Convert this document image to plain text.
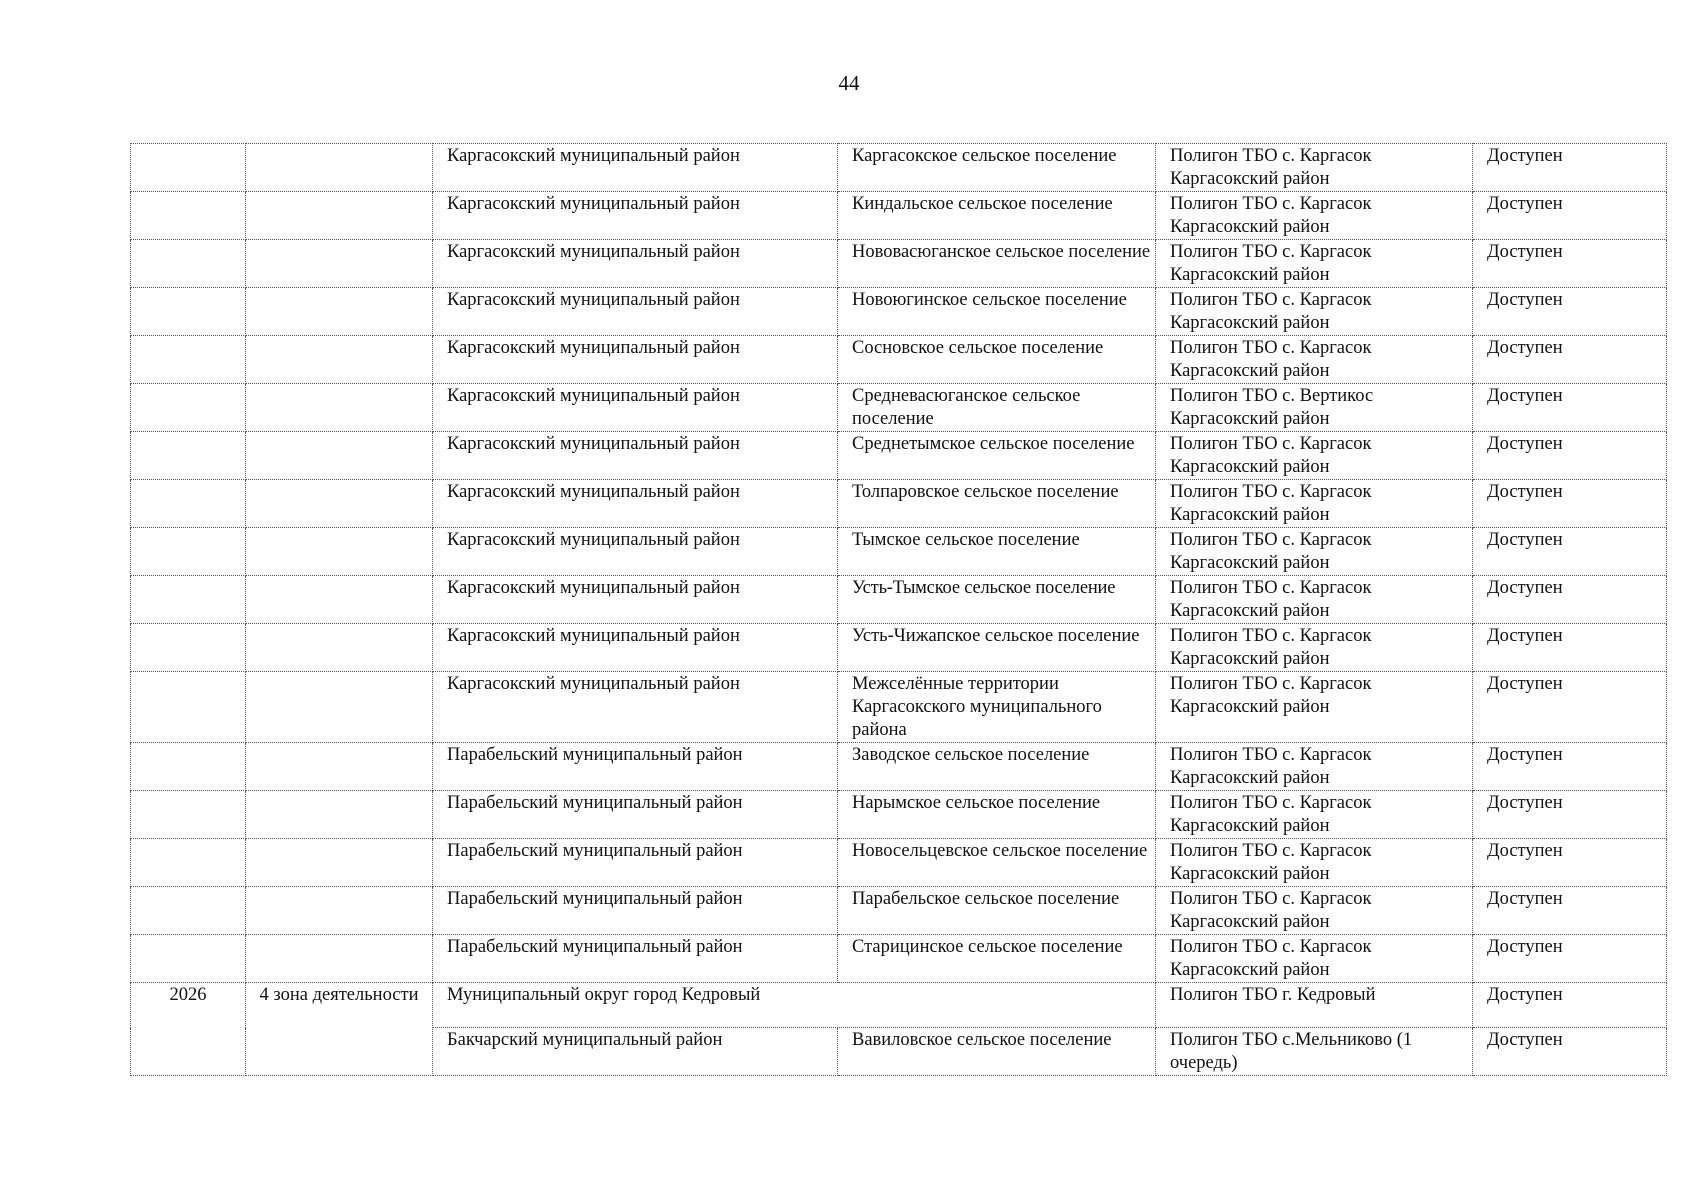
44
		Каргасокский муниципальный район	Каргасокское сельское поселение	Полигон ТБО с. Каргасок Каргасокский район	Доступен
		Каргасокский муниципальный район	Киндальское сельское поселение	Полигон ТБО с. Каргасок Каргасокский район	Доступен
		Каргасокский муниципальный район	Нововасюганское сельское поселение	Полигон ТБО с. Каргасок Каргасокский район	Доступен
		Каргасокский муниципальный район	Новоюгинское сельское поселение	Полигон ТБО с. Каргасок Каргасокский район	Доступен
		Каргасокский муниципальный район	Сосновское сельское поселение	Полигон ТБО с. Каргасок Каргасокский район	Доступен
		Каргасокский муниципальный район	Средневасюганское сельское поселение	Полигон ТБО с. Вертикос Каргасокский район	Доступен
		Каргасокский муниципальный район	Среднетымское сельское поселение	Полигон ТБО с. Каргасок Каргасокский район	Доступен
		Каргасокский муниципальный район	Толпаровское сельское поселение	Полигон ТБО с. Каргасок Каргасокский район	Доступен
		Каргасокский муниципальный район	Тымское сельское поселение	Полигон ТБО с. Каргасок Каргасокский район	Доступен
		Каргасокский муниципальный район	Усть-Тымское сельское поселение	Полигон ТБО с. Каргасок Каргасокский район	Доступен
		Каргасокский муниципальный район	Усть-Чижапское сельское поселение	Полигон ТБО с. Каргасок Каргасокский район	Доступен
		Каргасокский муниципальный район	Межселённые территории Каргасокского муниципального района	Полигон ТБО с. Каргасок Каргасокский район	Доступен
		Парабельский муниципальный район	Заводское сельское поселение	Полигон ТБО с. Каргасок Каргасокский район	Доступен
		Парабельский муниципальный район	Нарымское сельское поселение	Полигон ТБО с. Каргасок Каргасокский район	Доступен
		Парабельский муниципальный район	Новосельцевское сельское поселение	Полигон ТБО с. Каргасок Каргасокский район	Доступен
		Парабельский муниципальный район	Парабельское сельское поселение	Полигон ТБО с. Каргасок Каргасокский район	Доступен
		Парабельский муниципальный район	Старицинское сельское поселение	Полигон ТБО с. Каргасок Каргасокский район	Доступен
2026	4 зона деятельности	Муниципальный округ город Кедровый		Полигон ТБО г. Кедровый	Доступен
		Бакчарский муниципальный район	Вавиловское сельское поселение	Полигон ТБО с.Мельниково (1 очередь)	Доступен
